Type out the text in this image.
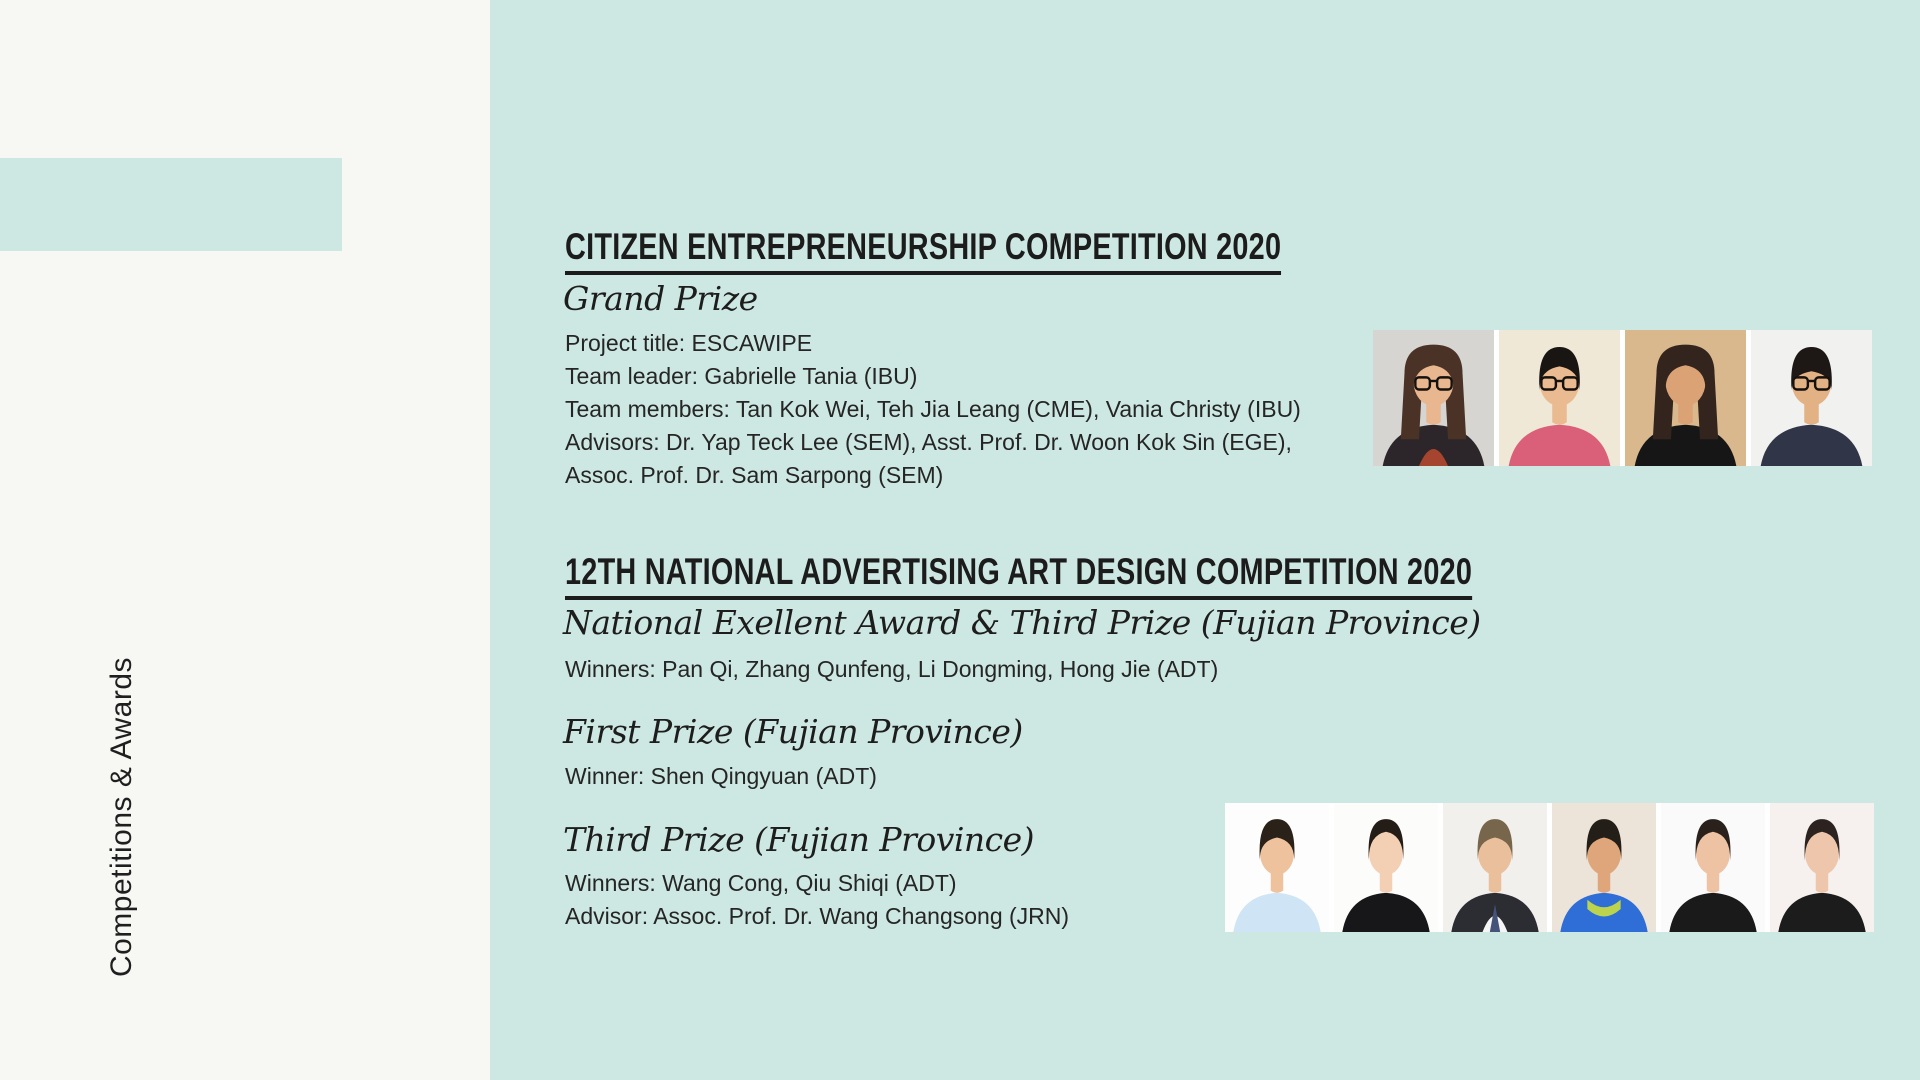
Competitions & Awards
CITIZEN ENTREPRENEURSHIP COMPETITION 2020
Grand Prize
Project title: ESCAWIPE
Team leader: Gabrielle Tania (IBU)
Team members: Tan Kok Wei, Teh Jia Leang (CME), Vania Christy (IBU)
Advisors: Dr. Yap Teck Lee (SEM), Asst. Prof. Dr. Woon Kok Sin (EGE),
Assoc. Prof. Dr. Sam Sarpong (SEM)
12TH NATIONAL ADVERTISING ART DESIGN COMPETITION 2020
National Exellent Award & Third Prize (Fujian Province)
Winners: Pan Qi, Zhang Qunfeng, Li Dongming, Hong Jie (ADT)
First Prize (Fujian Province)
Winner: Shen Qingyuan (ADT)
Third Prize (Fujian Province)
Winners: Wang Cong, Qiu Shiqi (ADT)
Advisor: Assoc. Prof. Dr. Wang Changsong (JRN)
